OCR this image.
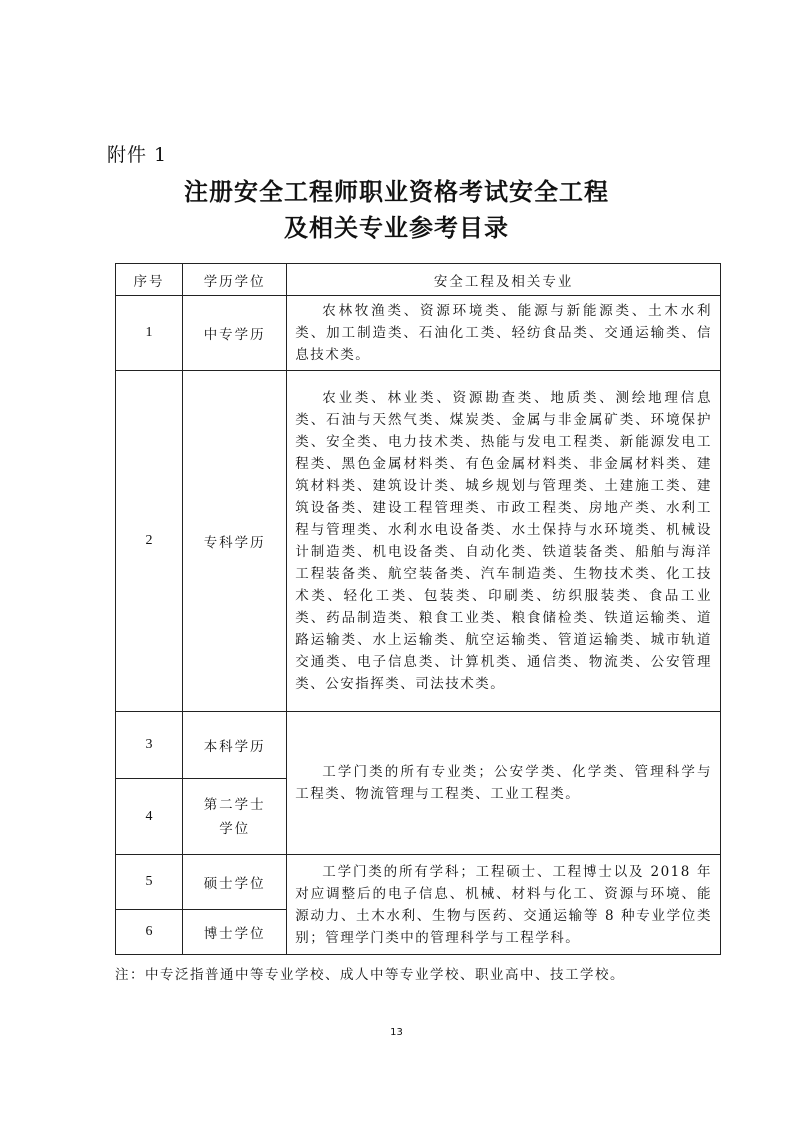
附件 1
注册安全工程师职业资格考试安全工程
及相关专业参考目录
序号	学历学位	安全工程及相关专业
1	中专学历	农林牧渔类、资源环境类、能源与新能源类、土木水利类、加工制造类、石油化工类、轻纺食品类、交通运输类、信息技术类。
2	专科学历	农业类、林业类、资源勘查类、地质类、测绘地理信息类、石油与天然气类、煤炭类、金属与非金属矿类、环境保护类、安全类、电力技术类、热能与发电工程类、新能源发电工程类、黑色金属材料类、有色金属材料类、非金属材料类、建筑材料类、建筑设计类、城乡规划与管理类、土建施工类、建筑设备类、建设工程管理类、市政工程类、房地产类、水利工程与管理类、水利水电设备类、水土保持与水环境类、机械设计制造类、机电设备类、自动化类、铁道装备类、船舶与海洋工程装备类、航空装备类、汽车制造类、生物技术类、化工技术类、轻化工类、包装类、印刷类、纺织服装类、食品工业类、药品制造类、粮食工业类、粮食储检类、铁道运输类、道路运输类、水上运输类、航空运输类、管道运输类、城市轨道交通类、电子信息类、计算机类、通信类、物流类、公安管理类、公安指挥类、司法技术类。
3	本科学历	工学门类的所有专业类；公安学类、化学类、管理科学与工程类、物流管理与工程类、工业工程类。
4	第二学士学位	
5	硕士学位	工学门类的所有学科；工程硕士、工程博士以及 2018 年对应调整后的电子信息、机械、材料与化工、资源与环境、能源动力、土木水利、生物与医药、交通运输等 8 种专业学位类别；管理学门类中的管理科学与工程学科。
6	博士学位	
注：中专泛指普通中等专业学校、成人中等专业学校、职业高中、技工学校。
13
